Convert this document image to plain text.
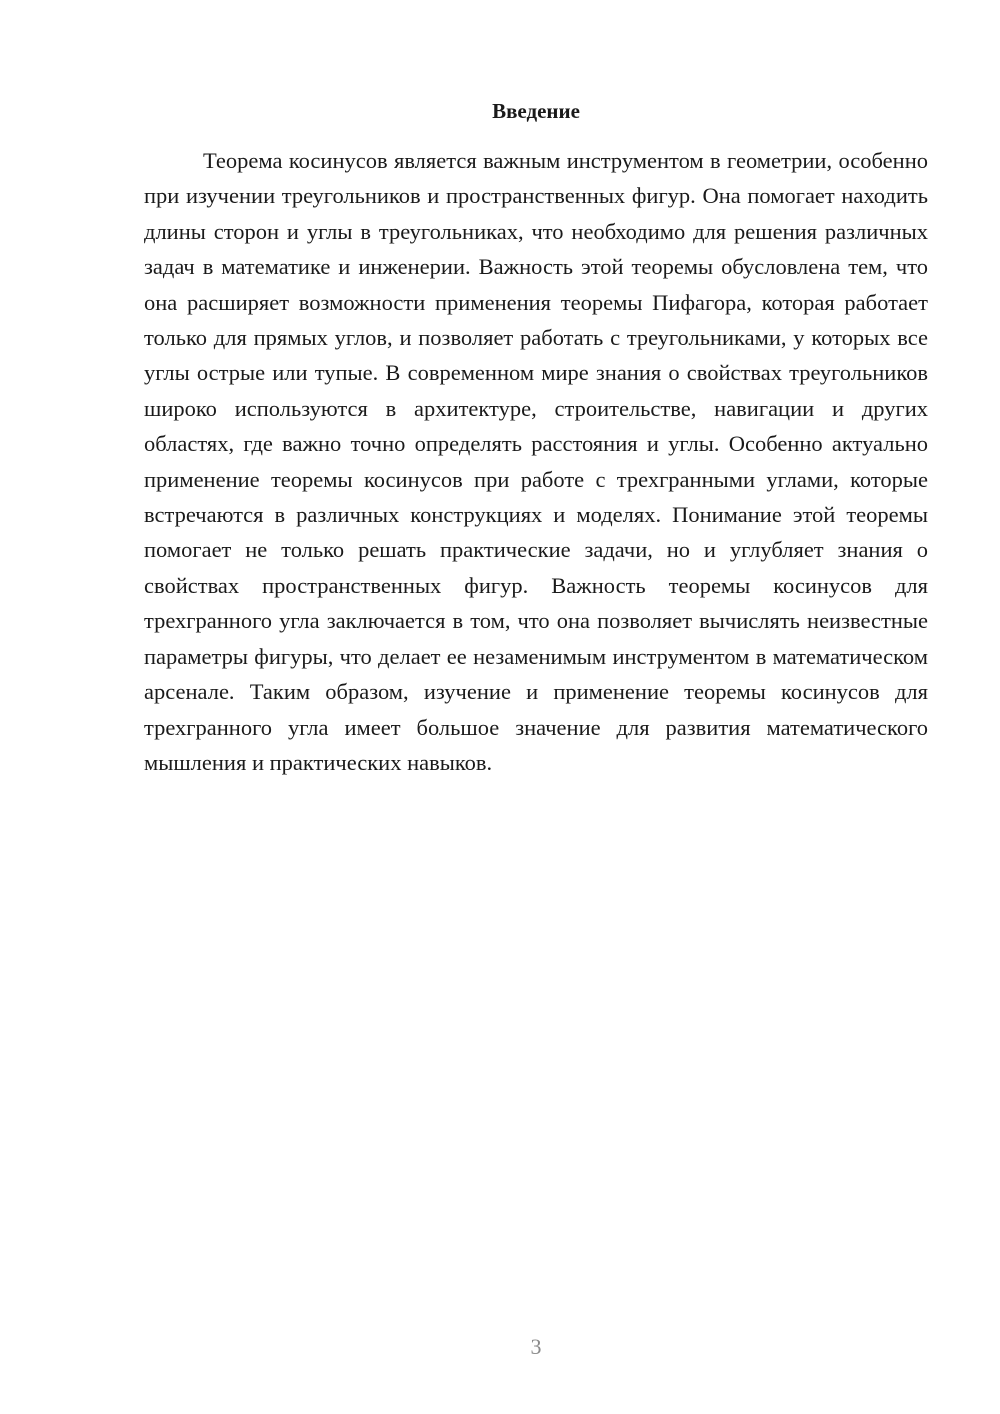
Введение

Теорема косинусов является важным инструментом в геометрии, особенно при изучении треугольников и пространственных фигур. Она помогает находить длины сторон и углы в треугольниках, что необходимо для решения различных задач в математике и инженерии. Важность этой теоремы обусловлена тем, что она расширяет возможности применения теоремы Пифагора, которая работает только для прямых углов, и позволяет работать с треугольниками, у которых все углы острые или тупые. В современном мире знания о свойствах треугольников широко используются в архитектуре, строительстве, навигации и других областях, где важно точно определять расстояния и углы. Особенно актуально применение теоремы косинусов при работе с трехгранными углами, которые встречаются в различных конструкциях и моделях. Понимание этой теоремы помогает не только решать практические задачи, но и углубляет знания о свойствах пространственных фигур. Важность теоремы косинусов для трехгранного угла заключается в том, что она позволяет вычислять неизвестные параметры фигуры, что делает ее незаменимым инструментом в математическом арсенале. Таким образом, изучение и применение теоремы косинусов для трехгранного угла имеет большое значение для развития математического мышления и практических навыков.

3
